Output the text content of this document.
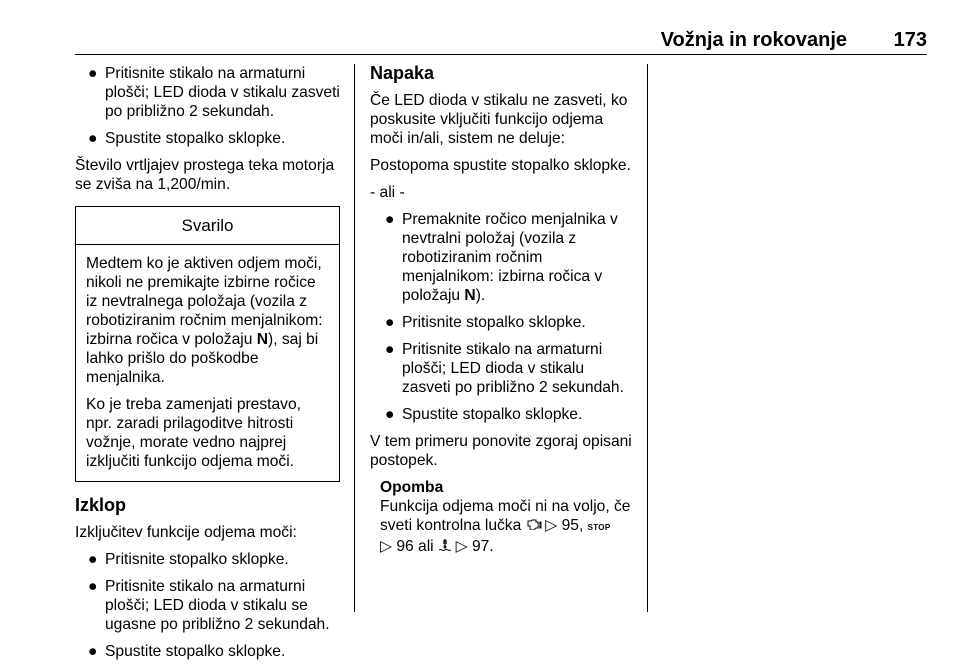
Vožnja in rokovanje 173
● Pritisnite stikalo na armaturni plošči; LED dioda v stikalu zasveti po približno 2 sekundah.
● Spustite stopalko sklopke.

Število vrtljajev prostega teka motorja se zviša na 1,200/min.

Svarilo

Medtem ko je aktiven odjem moči, nikoli ne premikajte izbirne ročice iz nevtralnega položaja (vozila z robotiziranim ročnim menjalnikom: izbirna ročica v položaju N), saj bi lahko prišlo do poškodbe menjalnika.

Ko je treba zamenjati prestavo, npr. zaradi prilagoditve hitrosti vožnje, morate vedno najprej izključiti funkcijo odjema moči.

Izklop

Izključitev funkcije odjema moči:

● Pritisnite stopalko sklopke.
● Pritisnite stikalo na armaturni plošči; LED dioda v stikalu se ugasne po približno 2 sekundah.
● Spustite stopalko sklopke.
Napaka

Če LED dioda v stikalu ne zasveti, ko poskusite vključiti funkcijo odjema moči in/ali, sistem ne deluje:

Postopoma spustite stopalko sklopke.

- ali -

● Premaknite ročico menjalnika v nevtralni položaj (vozila z robotiziranim ročnim menjalnikom: izbirna ročica v položaju N).
● Pritisnite stopalko sklopke.
● Pritisnite stikalo na armaturni plošči; LED dioda v stikalu zasveti po približno 2 sekundah.
● Spustite stopalko sklopke.

V tem primeru ponovite zgoraj opisani postopek.

Opomba
Funkcija odjema moči ni na voljo, če sveti kontrolna lučka ▷ 95, STOP
▷ 96 ali ▷ 97.
